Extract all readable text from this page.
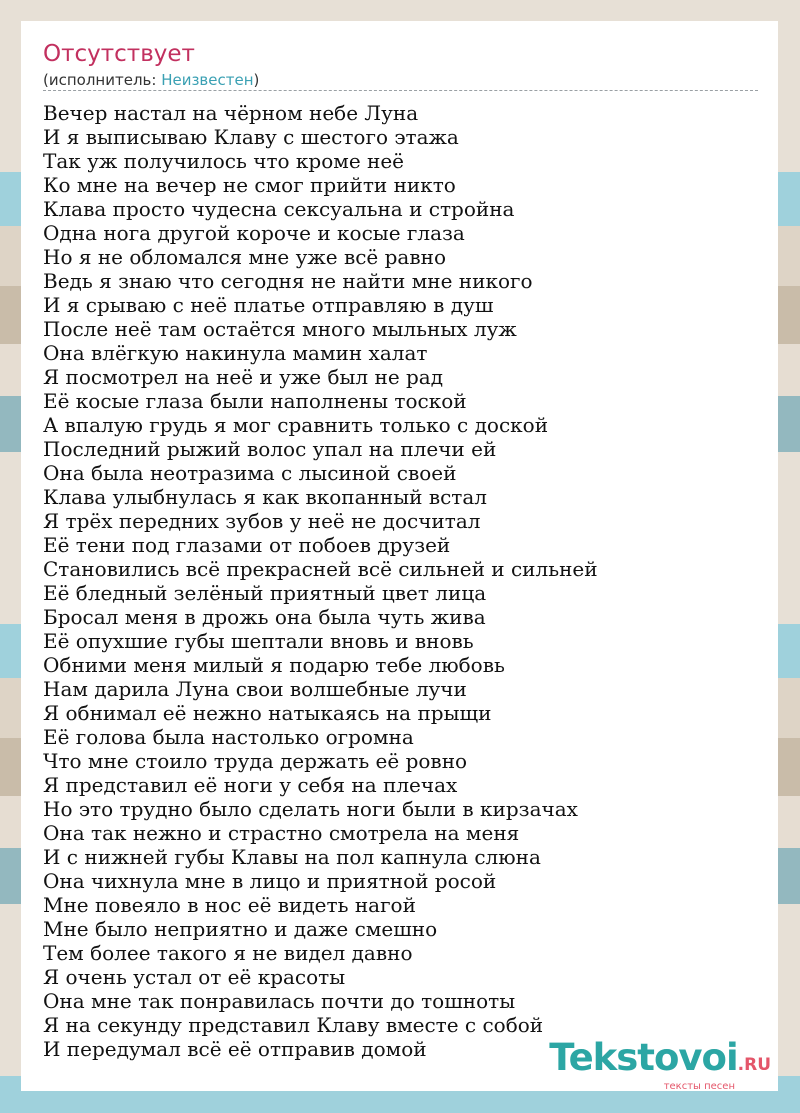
Отсутствует
(исполнитель: Неизвестен)
Вечер настал на чёрном небе Луна
И я выписываю Клаву с шестого этажа
Так уж получилось что кроме неё
Ко мне на вечер не смог прийти никто
Клава просто чудесна сексуальна и стройна
Одна нога другой короче и косые глаза
Но я не обломался мне уже всё равно
Ведь я знаю что сегодня не найти мне никого
И я срываю с неё платье отправляю в душ
После неё там остаётся много мыльных луж
Она влёгкую накинула мамин халат
Я посмотрел на неё и уже был не рад
Её косые глаза были наполнены тоской
А впалую грудь я мог сравнить только с доской
Последний рыжий волос упал на плечи ей
Она была неотразима с лысиной своей
Клава улыбнулась я как вкопанный встал
Я трёх передних зубов у неё не досчитал
Её тени под глазами от побоев друзей
Становились всё прекрасней всё сильней и сильней
Её бледный зелёный приятный цвет лица
Бросал меня в дрожь она была чуть жива
Её опухшие губы шептали вновь и вновь
Обними меня милый я подарю тебе любовь
Нам дарила Луна свои волшебные лучи
Я обнимал её нежно натыкаясь на прыщи
Её голова была настолько огромна
Что мне стоило труда держать её ровно
Я представил её ноги у себя на плечах
Но это трудно было сделать ноги были в кирзачах
Она так нежно и страстно смотрела на меня
И с нижней губы Клавы на пол капнула слюна
Она чихнула мне в лицо и приятной росой
Мне повеяло в нос её видеть нагой
Мне было неприятно и даже смешно
Тем более такого я не видел давно
Я очень устал от её красоты
Она мне так понравилась почти до тошноты
Я на секунду представил Клаву вместе с собой
И передумал всё её отправив домой	Tekstovoi.RU
тексты песен
